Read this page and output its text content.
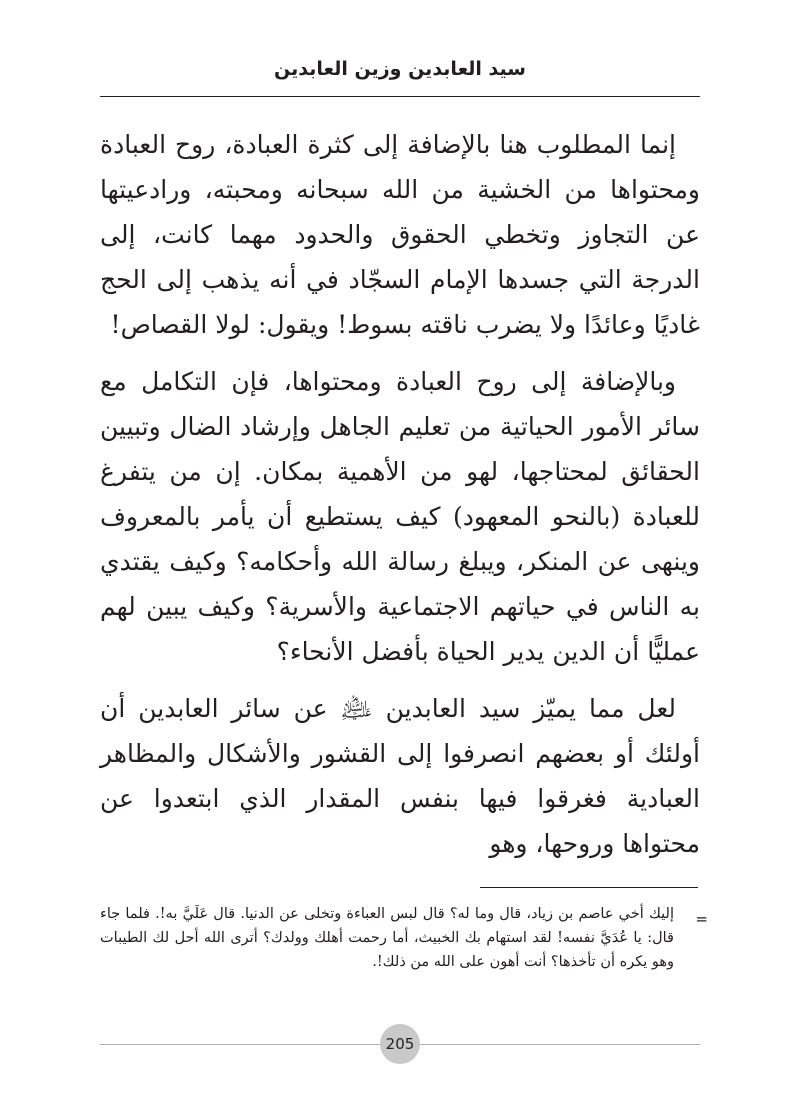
سيد العابدين وزين العابدين

إنما المطلوب هنا بالإضافة إلى كثرة العبادة، روح العبادة ومحتواها من الخشية من الله سبحانه ومحبته، ورادعيتها عن التجاوز وتخطي الحقوق والحدود مهما كانت، إلى الدرجة التي جسدها الإمام السجّاد في أنه يذهب إلى الحج غاديًا وعائدًا ولا يضرب ناقته بسوط! ويقول: لولا القصاص!

وبالإضافة إلى روح العبادة ومحتواها، فإن التكامل مع سائر الأمور الحياتية من تعليم الجاهل وإرشاد الضال وتبيين الحقائق لمحتاجها، لهو من الأهمية بمكان. إن من يتفرغ للعبادة (بالنحو المعهود) كيف يستطيع أن يأمر بالمعروف وينهى عن المنكر، ويبلغ رسالة الله وأحكامه؟ وكيف يقتدي به الناس في حياتهم الاجتماعية والأسرية؟ وكيف يبين لهم عمليًّا أن الدين يدير الحياة بأفضل الأنحاء؟

لعل مما يميّز سيد العابدين ﵇ عن سائر العابدين أن أولئك أو بعضهم انصرفوا إلى القشور والأشكال والمظاهر العبادية فغرقوا فيها بنفس المقدار الذي ابتعدوا عن محتواها وروحها، وهو

=
إليك أخي عاصم بن زياد، قال وما له؟ قال لبس العباءة وتخلى عن الدنيا. قال عَلَيَّ به!. فلما جاء قال: يا عُدَيَّ نفسه! لقد استهام بك الخبيث، أما رحمت أهلك وولدك؟ أترى الله أحل لك الطيبات وهو يكره أن تأخذها؟ أنت أهون على الله من ذلك!.
205
